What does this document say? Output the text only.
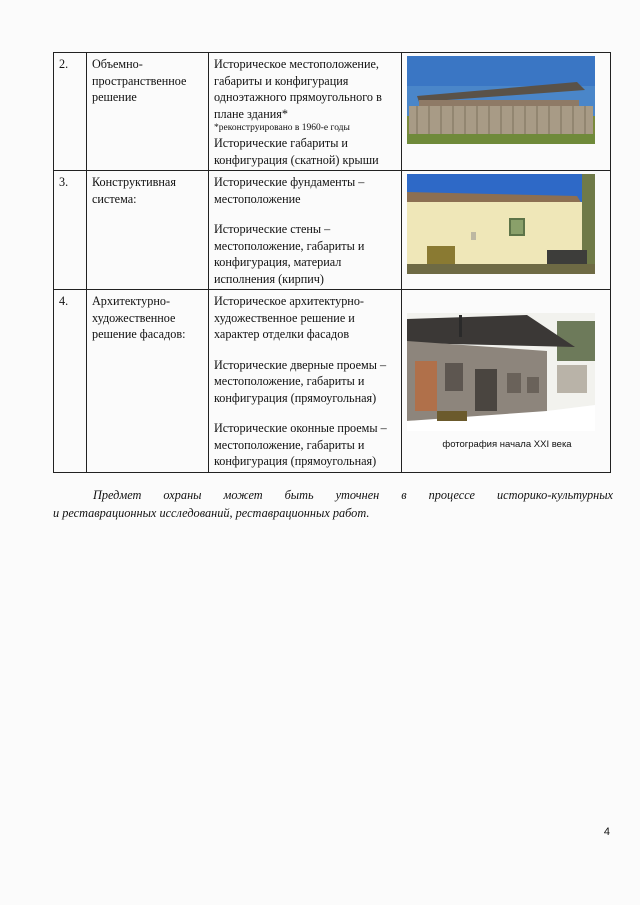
2.	Объемно-пространственное решение	Историческое местоположение, габариты и конфигурация одноэтажного прямоугольного в плане здания*
*реконструировано в 1960-е годы
Исторические габариты и конфигурация (скатной) крыши

3.	Конструктивная система:	Исторические фундаменты – местоположение
Исторические стены – местоположение, габариты и конфигурация, материал исполнения (кирпич)

4.	Архитектурно-художественное решение фасадов:	Историческое архитектурно-художественное решение и характер отделки фасадов
Исторические дверные проемы – местоположение, габариты и конфигурация (прямоугольная)
Исторические оконные проемы – местоположение, габариты и конфигурация (прямоугольная)	фотография начала XXI века
Предмет охраны может быть уточнен в процессе историко-культурных
и реставрационных исследований, реставрационных работ.
4
